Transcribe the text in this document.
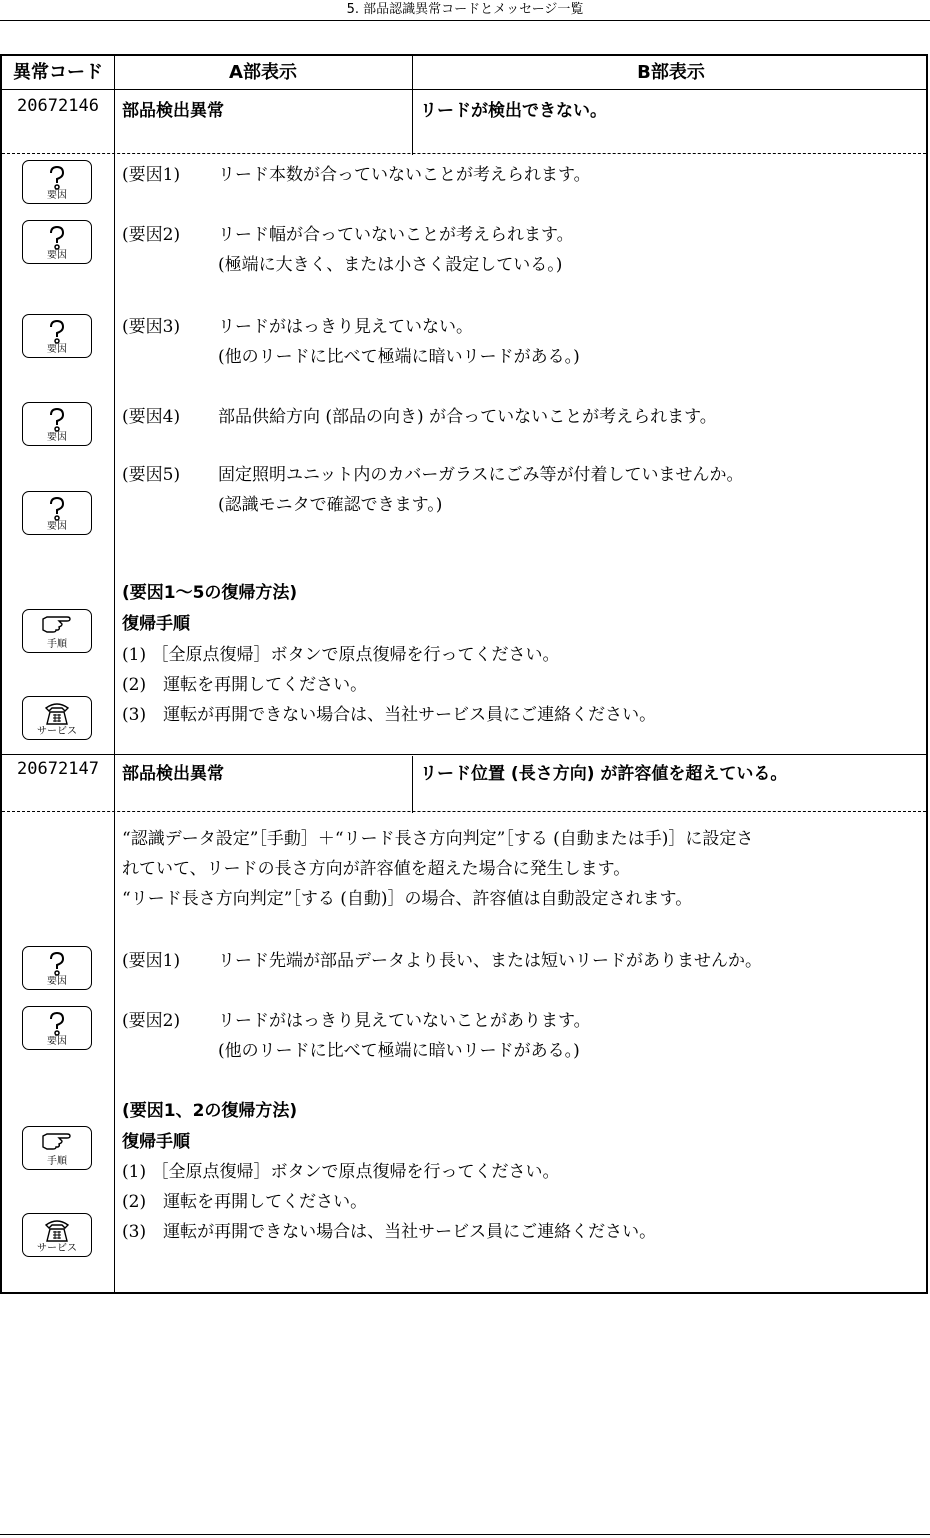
5. 部品認識異常コードとメッセージ一覧
異常コード	A部表示	B部表示
20672146	部品検出異常	リードが検出できない。
要因
(要因1) リード本数が合っていないことが考えられます。
要因
(要因2) リード幅が合っていないことが考えられます。
(極端に大きく、または小さく設定している。)
要因
(要因3) リードがはっきり見えていない。
(他のリードに比べて極端に暗いリードがある。)
要因
(要因4) 部品供給方向 (部品の向き) が合っていないことが考えられます。
要因
(要因5) 固定照明ユニット内のカバーガラスにごみ等が付着していませんか。
(認識モニタで確認できます。)
(要因1～5の復帰方法)
復帰手順
手順
(1) ［全原点復帰］ボタンで原点復帰を行ってください。
(2)　 運転を再開してください。
サービス
(3)　 運転が再開できない場合は、当社サービス員にご連絡ください。
20672147	部品検出異常	リード位置 (長さ方向) が許容値を超えている。
“認識データ設定”［手動］＋“リード長さ方向判定”［する (自動または手)］に設定さ
れていて、リードの長さ方向が許容値を超えた場合に発生します。
“リード長さ方向判定”［する (自動)］の場合、許容値は自動設定されます。
要因
(要因1) リード先端が部品データより長い、または短いリードがありませんか。
要因
(要因2) リードがはっきり見えていないことがあります。
(他のリードに比べて極端に暗いリードがある。)
(要因1、2の復帰方法)
復帰手順
手順
(1) ［全原点復帰］ボタンで原点復帰を行ってください。
(2)　 運転を再開してください。
サービス
(3)　 運転が再開できない場合は、当社サービス員にご連絡ください。
